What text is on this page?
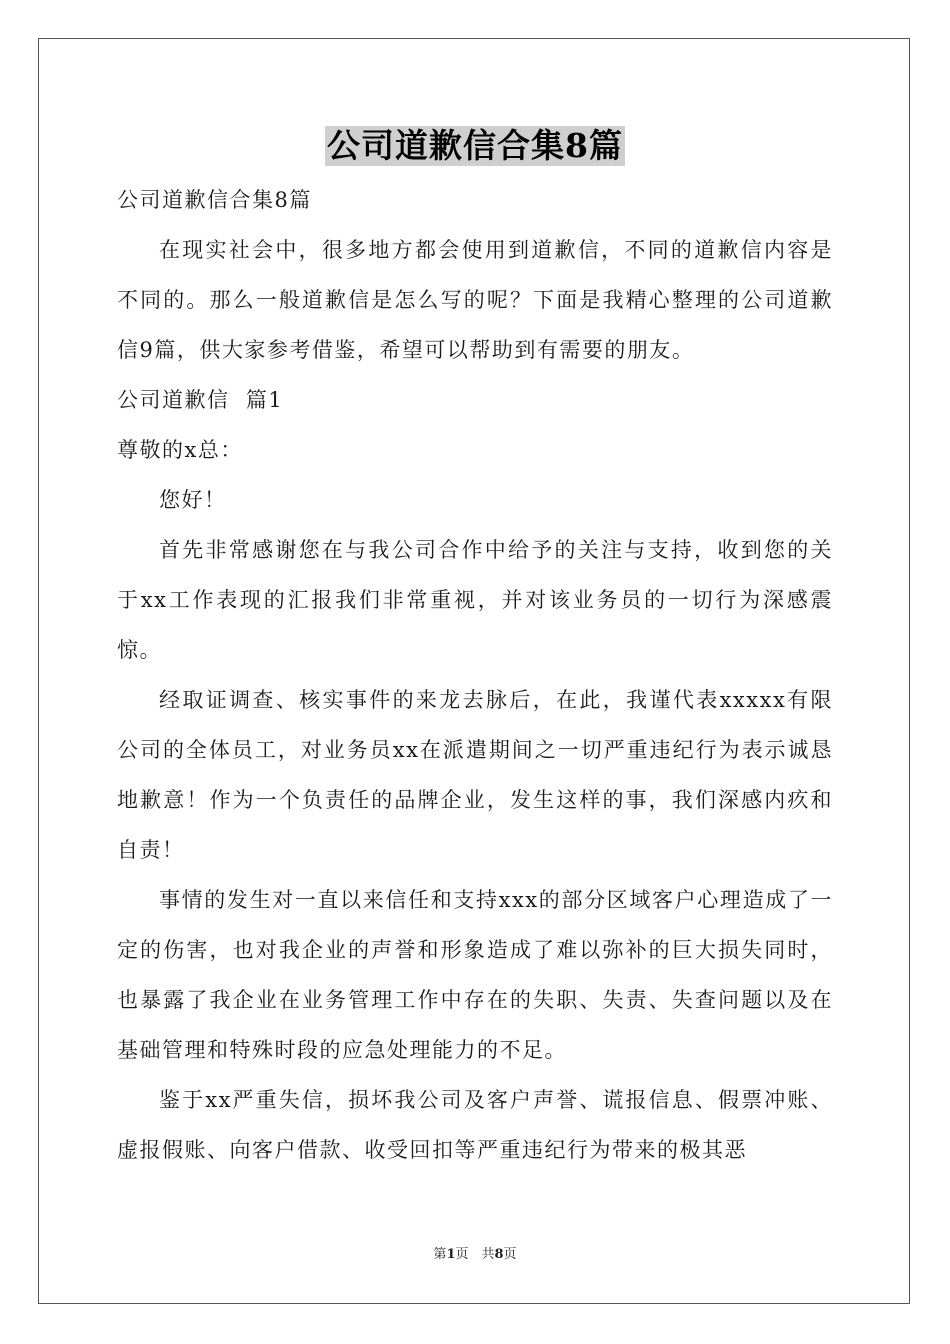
公司道歉信合集8篇

公司道歉信合集8篇

在现实社会中，很多地方都会使用到道歉信，不同的道歉信内容是不同的。那么一般道歉信是怎么写的呢？下面是我精心整理的公司道歉信9篇，供大家参考借鉴，希望可以帮助到有需要的朋友。

公司道歉信  篇1

尊敬的x总：

您好！

首先非常感谢您在与我公司合作中给予的关注与支持，收到您的关于xx工作表现的汇报我们非常重视，并对该业务员的一切行为深感震惊。

经取证调查、核实事件的来龙去脉后，在此，我谨代表xxxxx有限公司的全体员工，对业务员xx在派遣期间之一切严重违纪行为表示诚恳地歉意！作为一个负责任的品牌企业，发生这样的事，我们深感内疚和自责！

事情的发生对一直以来信任和支持xxx的部分区域客户心理造成了一定的伤害，也对我企业的声誉和形象造成了难以弥补的巨大损失同时，也暴露了我企业在业务管理工作中存在的失职、失责、失查问题以及在基础管理和特殊时段的应急处理能力的不足。

鉴于xx严重失信，损坏我公司及客户声誉、谎报信息、假票冲账、虚报假账、向客户借款、收受回扣等严重违纪行为带来的极其恶

第1页　共8页
